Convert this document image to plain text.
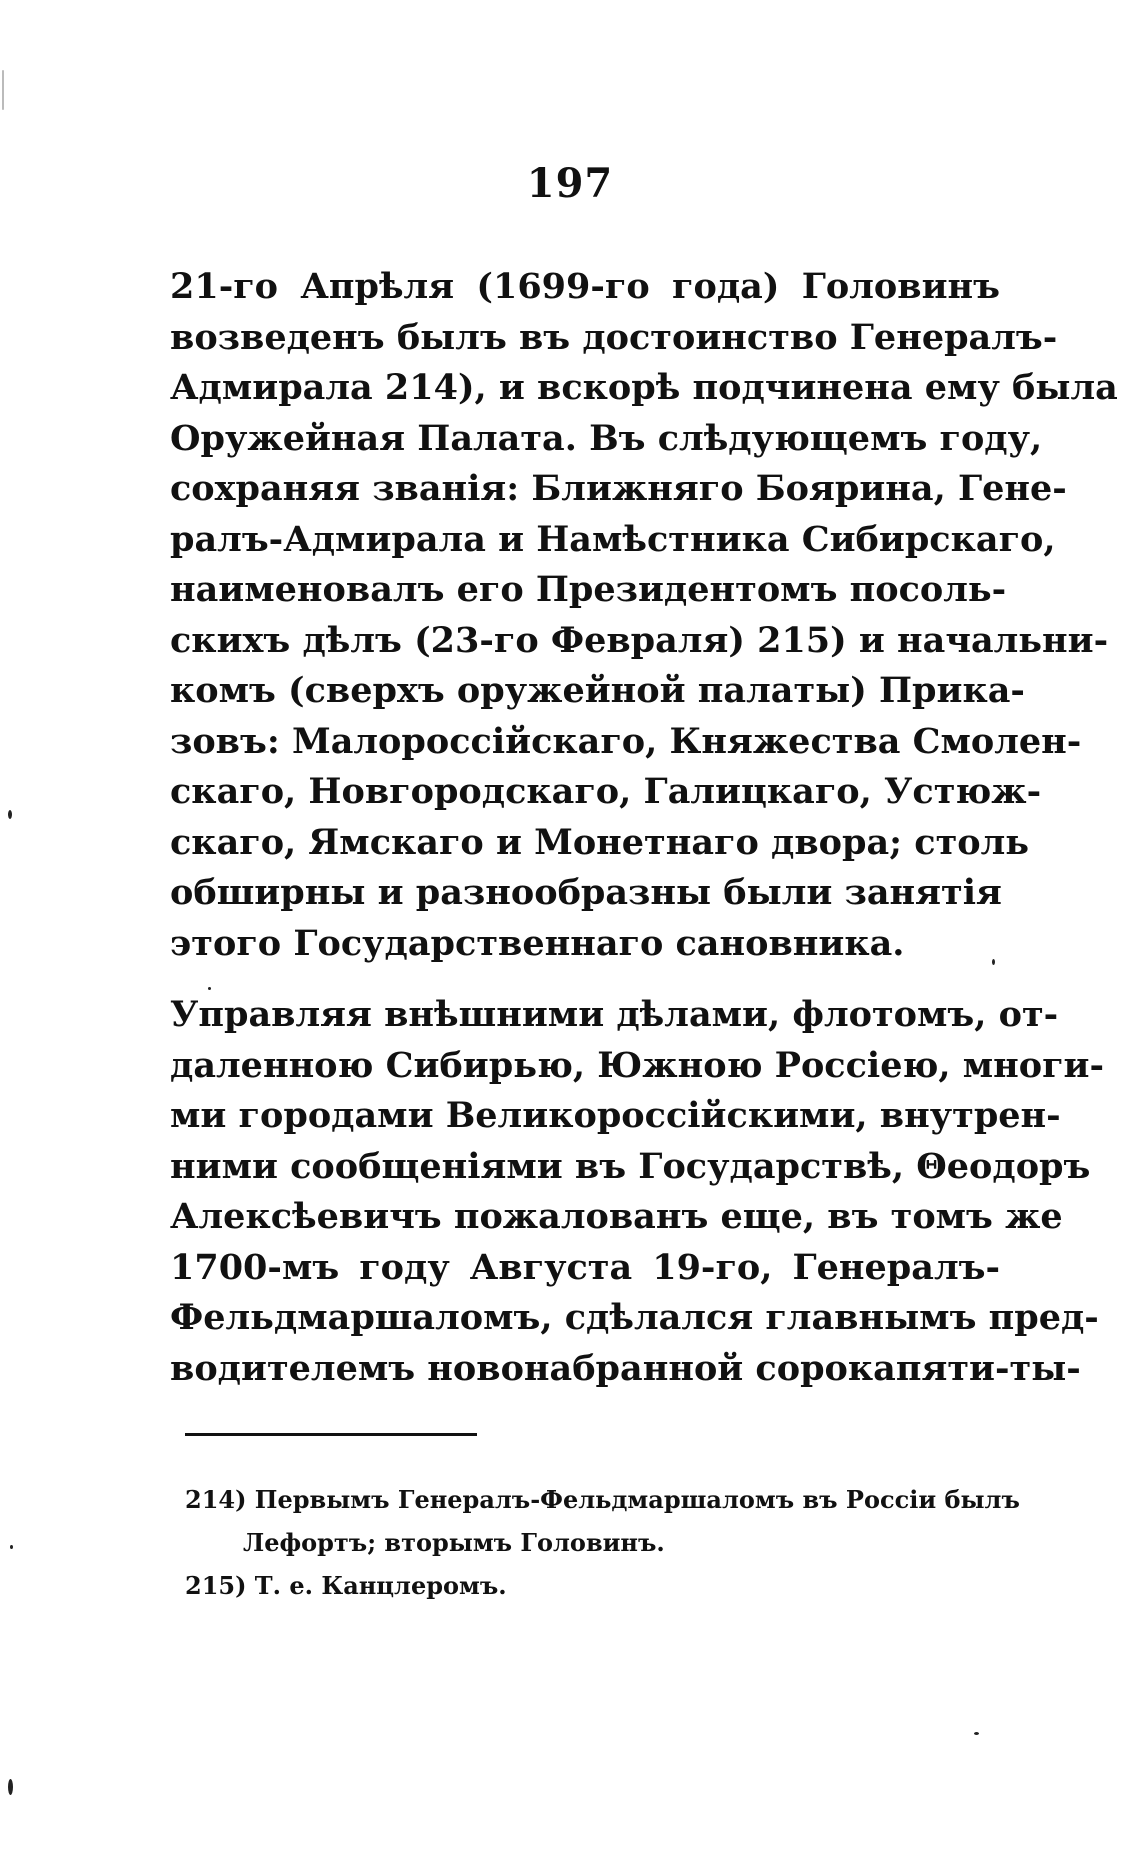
197
21-го Апрѣля (1699-го года) Головинъ
возведенъ былъ въ достоинство Генералъ-
Адмирала 214), и вскорѣ подчинена ему была
Оружейная Палата. Въ слѣдующемъ году,
сохраняя званія: Ближняго Боярина, Гене-
ралъ-Адмирала и Намѣстника Сибирскаго,
наименовалъ его Президентомъ посоль-
скихъ дѣлъ (23-го Февраля) 215) и начальни-
комъ (сверхъ оружейной палаты) Прика-
зовъ: Малороссійскаго, Княжества Смолен-
скаго, Новгородскаго, Галицкаго, Устюж-
скаго, Ямскаго и Монетнаго двора; столь
обширны и разнообразны были занятія
этого Государственнаго сановника.
Управляя внѣшними дѣлами, флотомъ, от-
даленною Сибирью, Южною Россіею, многи-
ми городами Великороссійскими, внутрен-
ними сообщеніями въ Государствѣ, Θеодоръ
Алексѣевичъ пожалованъ еще, въ томъ же
1700-мъ году Августа 19-го, Генералъ-
Фельдмаршаломъ, сдѣлался главнымъ пред-
водителемъ новонабранной сорокапяти-ты-
214) Первымъ Генералъ-Фельдмаршаломъ въ Россіи былъ
Лефортъ; вторымъ Головинъ.
215) Т. е. Канцлеромъ.
